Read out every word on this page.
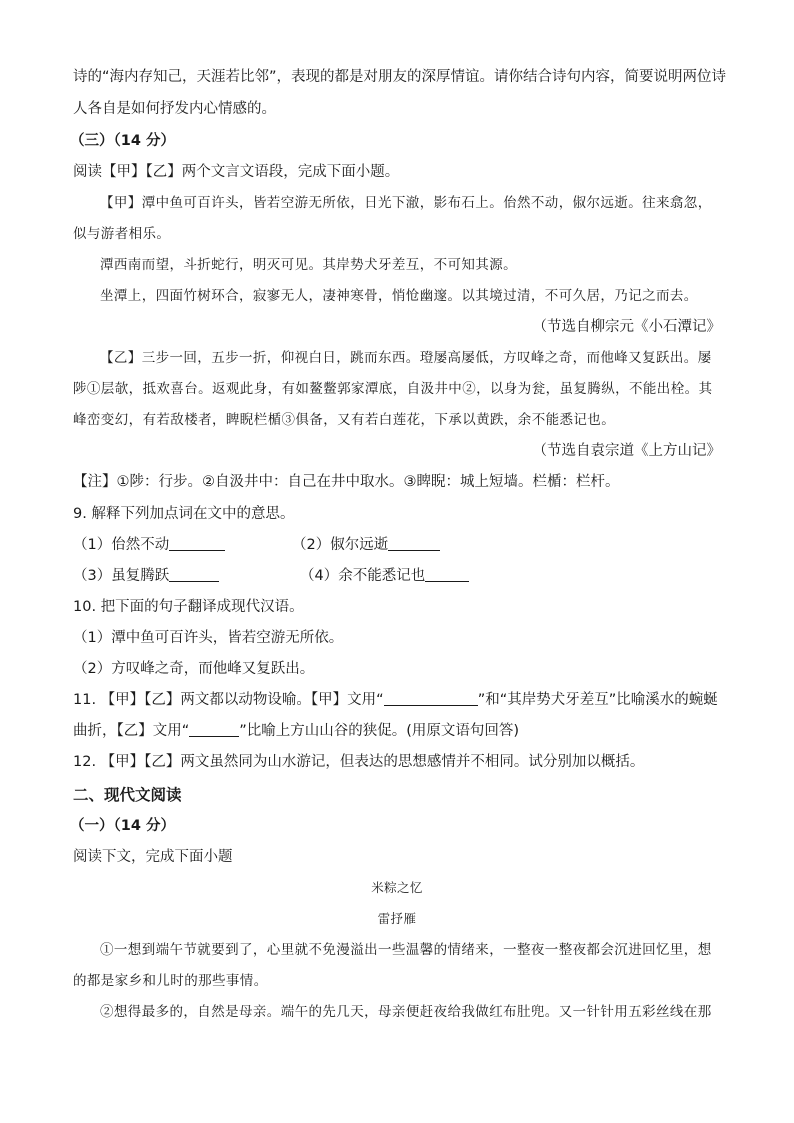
诗的“海内存知己，天涯若比邻”，表现的都是对朋友的深厚情谊。请你结合诗句内容，简要说明两位诗

人各自是如何抒发内心情感的。

（三）（14 分）

阅读【甲】【乙】两个文言文语段，完成下面小题。

【甲】潭中鱼可百许头，皆若空游无所依，日光下澈，影布石上。佁然不动，俶尔远逝。往来翕忽，

似与游者相乐。

潭西南而望，斗折蛇行，明灭可见。其岸势犬牙差互，不可知其源。

坐潭上，四面竹树环合，寂寥无人，凄神寒骨，悄怆幽邃。以其境过清，不可久居，乃记之而去。

（节选自柳宗元《小石潭记》

【乙】三步一回，五步一折，仰视白日，跳而东西。璒屡高屡低，方叹峰之奇，而他峰又复跃出。屡

陟①层欹，抵欢喜台。返观此身，有如鳌鳖郭家潭底，自汲井中②，以身为瓮，虽复腾纵，不能出栓。其

峰峦变幻，有若敌楼者，睥睨栏楯③俱备，又有若白莲花，下承以黄跌，余不能悉记也。

（节选自袁宗道《上方山记》

【注】①陟：行步。②自汲井中：自己在井中取水。③睥睨：城上短墙。栏楯：栏杆。

9. 解释下列加点词在文中的意思。

（1）佁然不动	（2）俶尔远逝
（3）虽复腾跃	（4）余不能悉记也

10. 把下面的句子翻译成现代汉语。

（1）潭中鱼可百许头，皆若空游无所依。

（2）方叹峰之奇，而他峰又复跃出。

11. 【甲】【乙】两文都以动物设喻。【甲】文用“	”和“其岸势犬牙差互”比喻溪水的蜿蜒
曲折，【乙】文用“	”比喻上方山山谷的狭促。(用原文语句回答)

12. 【甲】【乙】两文虽然同为山水游记，但表达的思想感情并不相同。试分别加以概括。

二、现代文阅读

（一）（14 分）

阅读下文，完成下面小题

米粽之忆

雷抒雁

①一想到端午节就要到了，心里就不免漫溢出一些温馨的情绪来，一整夜一整夜都会沉进回忆里，想

的都是家乡和儿时的那些事情。

②想得最多的，自然是母亲。端午的先几天，母亲便赶夜给我做红布肚兜。又一针针用五彩丝线在那
